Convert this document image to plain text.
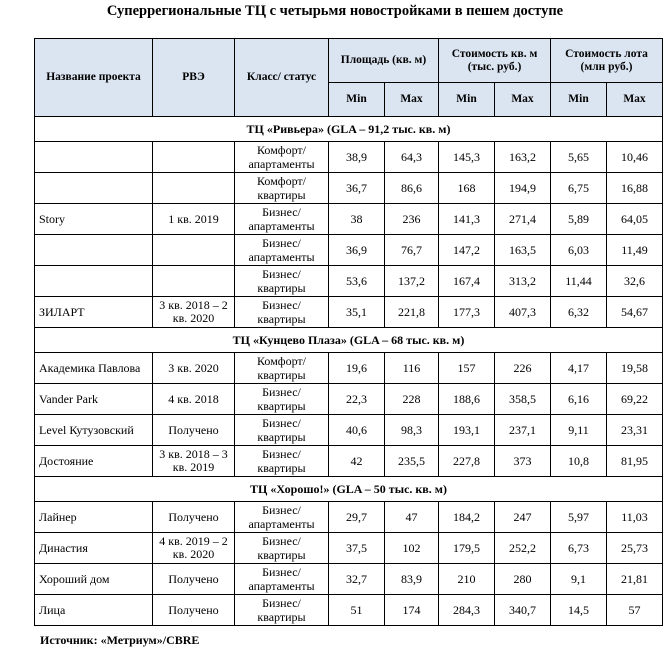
Суперрегиональные ТЦ с четырьмя новостройками в пешем доступе
Название проекта	РВЭ	Класс/ статус	Площадь (кв. м)		Стоимость кв. м (тыс. руб.)		Стоимость лота (млн руб.)	
			Min	Max	Min	Max	Min	Max
ТЦ «Ривьера» (GLA – 91,2 тыс. кв. м)								
		Комфорт/ апартаменты	38,9	64,3	145,3	163,2	5,65	10,46
		Комфорт/ квартиры	36,7	86,6	168	194,9	6,75	16,88
Story	1 кв. 2019	Бизнес/ апартаменты	38	236	141,3	271,4	5,89	64,05
		Бизнес/ апартаменты	36,9	76,7	147,2	163,5	6,03	11,49
		Бизнес/ квартиры	53,6	137,2	167,4	313,2	11,44	32,6
ЗИЛАРТ	3 кв. 2018 – 2 кв. 2020	Бизнес/ квартиры	35,1	221,8	177,3	407,3	6,32	54,67
ТЦ «Кунцево Плаза» (GLA – 68 тыс. кв. м)								
Академика Павлова	3 кв. 2020	Комфорт/ квартиры	19,6	116	157	226	4,17	19,58
Vander Park	4 кв. 2018	Бизнес/ квартиры	22,3	228	188,6	358,5	6,16	69,22
Level Кутузовский	Получено	Бизнес/ квартиры	40,6	98,3	193,1	237,1	9,11	23,31
Достояние	3 кв. 2018 – 3 кв. 2019	Бизнес/ квартиры	42	235,5	227,8	373	10,8	81,95
ТЦ «Хорошо!» (GLA – 50 тыс. кв. м)								
Лайнер	Получено	Бизнес/ апартаменты	29,7	47	184,2	247	5,97	11,03
Династия	4 кв. 2019 – 2 кв. 2020	Бизнес/ квартиры	37,5	102	179,5	252,2	6,73	25,73
Хороший дом	Получено	Бизнес/ апартаменты	32,7	83,9	210	280	9,1	21,81
Лица	Получено	Бизнес/ квартиры	51	174	284,3	340,7	14,5	57
Источник: «Метриум»/CBRE
